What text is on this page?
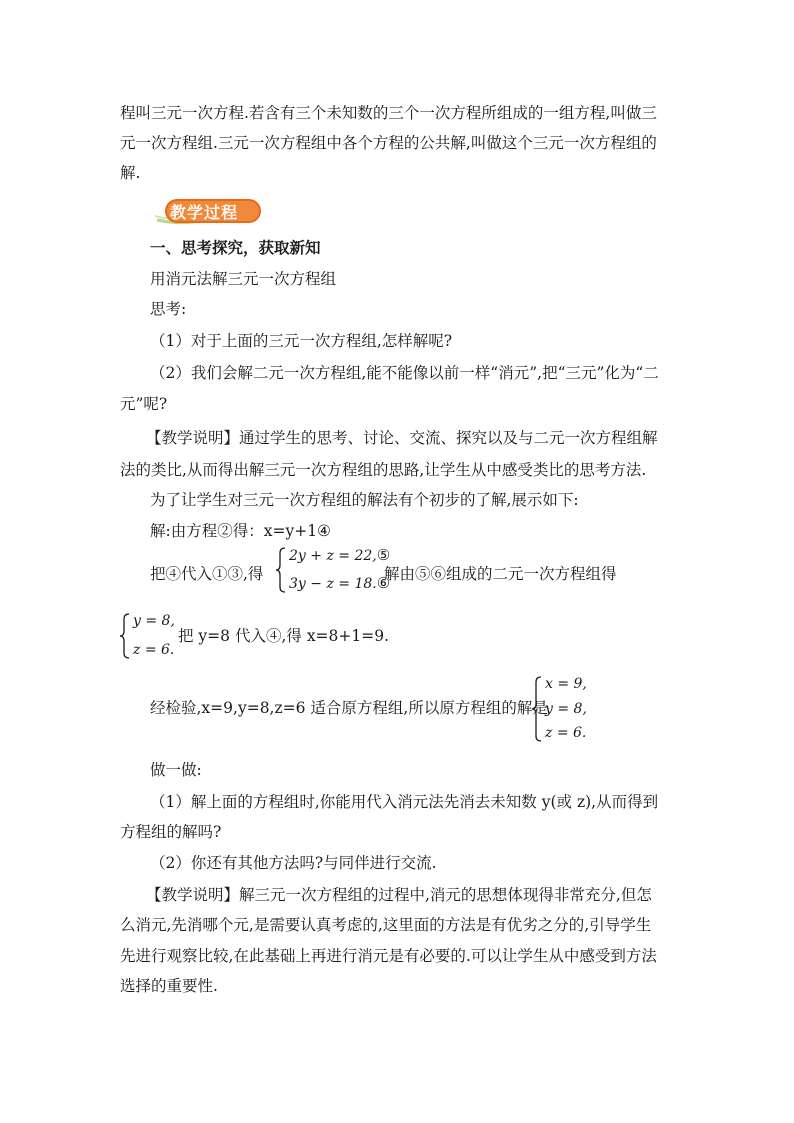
程叫三元一次方程.若含有三个未知数的三个一次方程所组成的一组方程,叫做三
元一次方程组.三元一次方程组中各个方程的公共解,叫做这个三元一次方程组的
解.
教学过程
一、思考探究，获取新知
用消元法解三元一次方程组
思考:
（1）对于上面的三元一次方程组,怎样解呢?
（2）我们会解二元一次方程组,能不能像以前一样“消元”,把“三元”化为“二
元”呢?
【教学说明】通过学生的思考、讨论、交流、探究以及与二元一次方程组解
法的类比,从而得出解三元一次方程组的思路,让学生从中感受类比的思考方法.
为了让学生对三元一次方程组的解法有个初步的了解,展示如下:
解:由方程②得：x=y+1④
把④代入①③,得
2y + z = 22,⑤
3y − z = 18.⑥
解由⑤⑥组成的二元一次方程组得
y = 8,
z = 6.
把 y=8 代入④,得 x=8+1=9.
经检验,x=9,y=8,z=6 适合原方程组,所以原方程组的解是
x = 9,
y = 8,
z = 6.
做一做:
（1）解上面的方程组时,你能用代入消元法先消去未知数 y(或 z),从而得到
方程组的解吗?
（2）你还有其他方法吗?与同伴进行交流.
【教学说明】解三元一次方程组的过程中,消元的思想体现得非常充分,但怎
么消元,先消哪个元,是需要认真考虑的,这里面的方法是有优劣之分的,引导学生
先进行观察比较,在此基础上再进行消元是有必要的.可以让学生从中感受到方法
选择的重要性.
